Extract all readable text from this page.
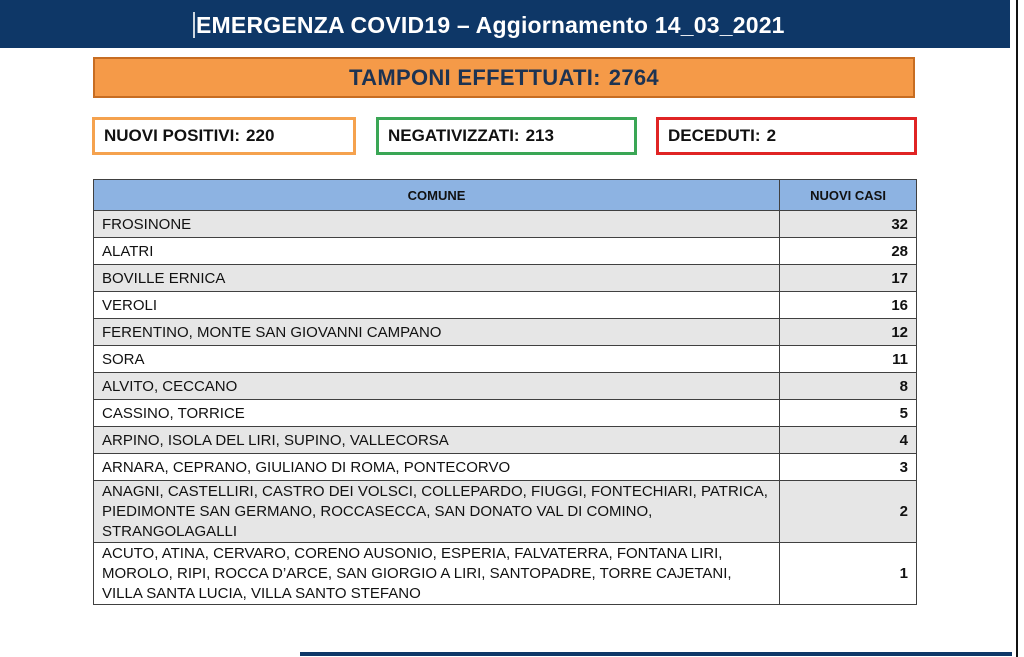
EMERGENZA COVID19 – Aggiornamento 14_03_2021
TAMPONI EFFETTUATI: 2764
NUOVI POSITIVI: 220	NEGATIVIZZATI: 213	DECEDUTI: 2
COMUNE	NUOVI CASI
FROSINONE	32
ALATRI	28
BOVILLE ERNICA	17
VEROLI	16
FERENTINO, MONTE SAN GIOVANNI CAMPANO	12
SORA	11
ALVITO, CECCANO	8
CASSINO, TORRICE	5
ARPINO, ISOLA DEL LIRI, SUPINO, VALLECORSA	4
ARNARA, CEPRANO, GIULIANO DI ROMA, PONTECORVO	3
ANAGNI, CASTELLIRI, CASTRO DEI VOLSCI, COLLEPARDO, FIUGGI, FONTECHIARI, PATRICA, PIEDIMONTE SAN GERMANO, ROCCASECCA, SAN DONATO VAL DI COMINO, STRANGOLAGALLI	2
ACUTO, ATINA, CERVARO, CORENO AUSONIO, ESPERIA, FALVATERRA, FONTANA LIRI, MOROLO, RIPI, ROCCA D’ARCE, SAN GIORGIO A LIRI, SANTOPADRE, TORRE CAJETANI, VILLA SANTA LUCIA, VILLA SANTO STEFANO	1
